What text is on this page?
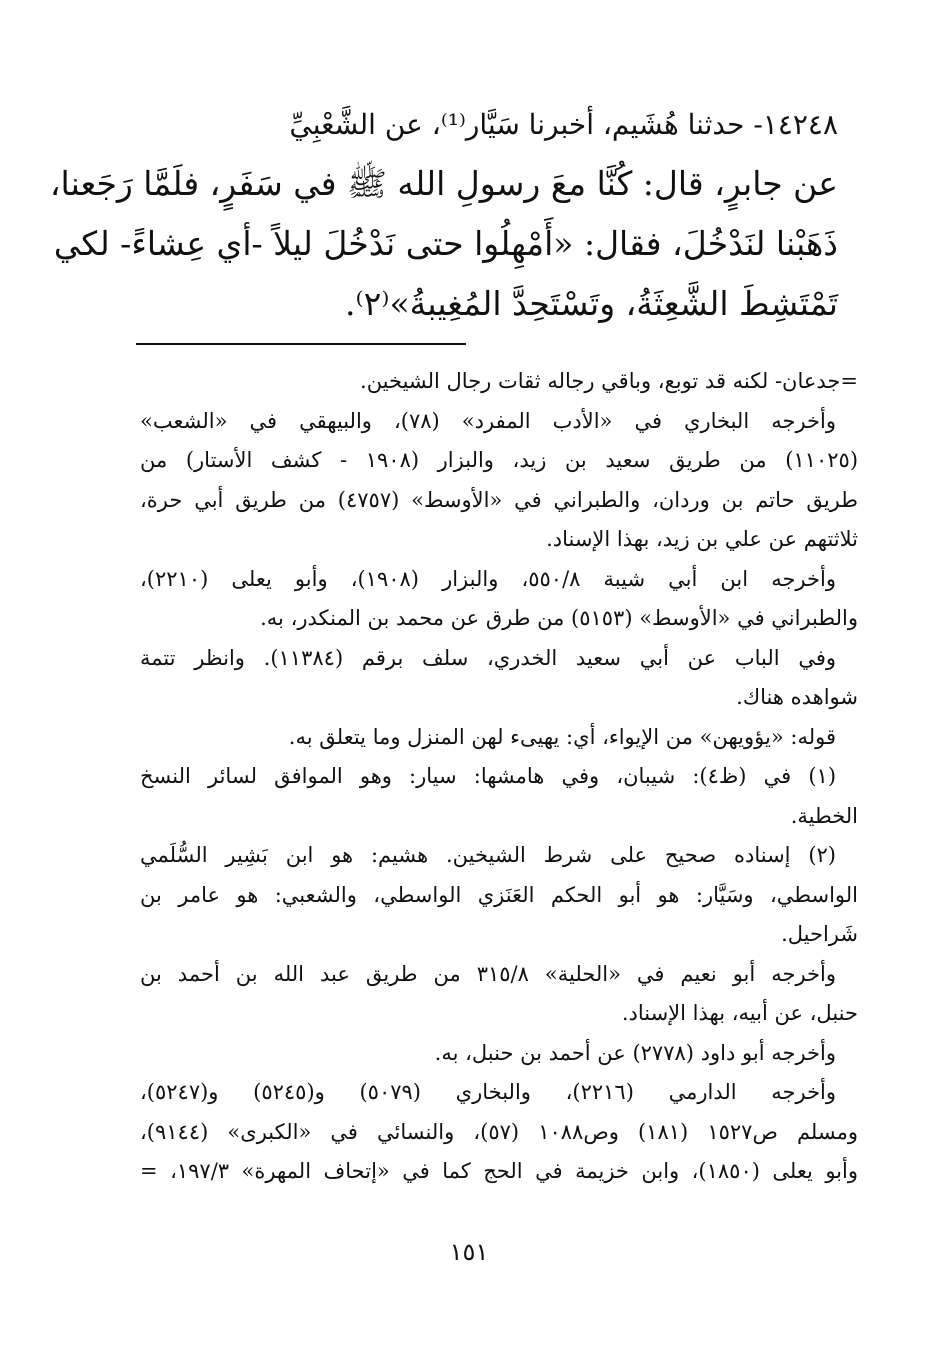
١٤٢٤٨- حدثنا هُشَيم، أخبرنا سَيَّار⁽¹⁾، عن الشَّعْبِيِّ
عن جابرٍ، قال: كُنَّا معَ رسولِ الله ﷺ في سَفَرٍ، فلَمَّا رَجَعنا،
ذَهَبْنا لنَدْخُلَ، فقال: «أَمْهِلُوا حتى نَدْخُلَ ليلاً -أي عِشاءً- لكي
تَمْتَشِطَ الشَّعِثَةُ، وتَسْتَحِدَّ المُغِيبةُ»⁽٢⁾.

=جدعان- لكنه قد توبع، وباقي رجاله ثقات رجال الشيخين.

وأخرجه البخاري في «الأدب المفرد» (٧٨)، والبيهقي في «الشعب»

(١١٠٢٥) من طريق سعيد بن زيد، والبزار (١٩٠٨ - كشف الأستار) من

طريق حاتم بن وردان، والطبراني في «الأوسط» (٤٧٥٧) من طريق أبي حرة،

ثلاثتهم عن علي بن زيد، بهذا الإسناد.

وأخرجه ابن أبي شيبة ٥٥٠/٨، والبزار (١٩٠٨)، وأبو يعلى (٢٢١٠)،

والطبراني في «الأوسط» (٥١٥٣) من طرق عن محمد بن المنكدر، به.

وفي الباب عن أبي سعيد الخدري، سلف برقم (١١٣٨٤). وانظر تتمة

شواهده هناك.

قوله: «يؤويهن» من الإيواء، أي: يهيىء لهن المنزل وما يتعلق به.

(١) في (ظ٤): شيبان، وفي هامشها: سيار: وهو الموافق لسائر النسخ

الخطية.

(٢) إسناده صحيح على شرط الشيخين. هشيم: هو ابن بَشِير السُّلَمي

الواسطي، وسَيَّار: هو أبو الحكم العَنَزي الواسطي، والشعبي: هو عامر بن

شَراحيل.

وأخرجه أبو نعيم في «الحلية» ٣١٥/٨ من طريق عبد الله بن أحمد بن

حنبل، عن أبيه، بهذا الإسناد.

وأخرجه أبو داود (٢٧٧٨) عن أحمد بن حنبل، به.

وأخرجه الدارمي (٢٢١٦)، والبخاري (٥٠٧٩) و(٥٢٤٥) و(٥٢٤٧)،

ومسلم ص١٥٢٧ (١٨١) وص١٠٨٨ (٥٧)، والنسائي في «الكبرى» (٩١٤٤)،

وأبو يعلى (١٨٥٠)، وابن خزيمة في الحج كما في «إتحاف المهرة» ١٩٧/٣، =

١٥١
